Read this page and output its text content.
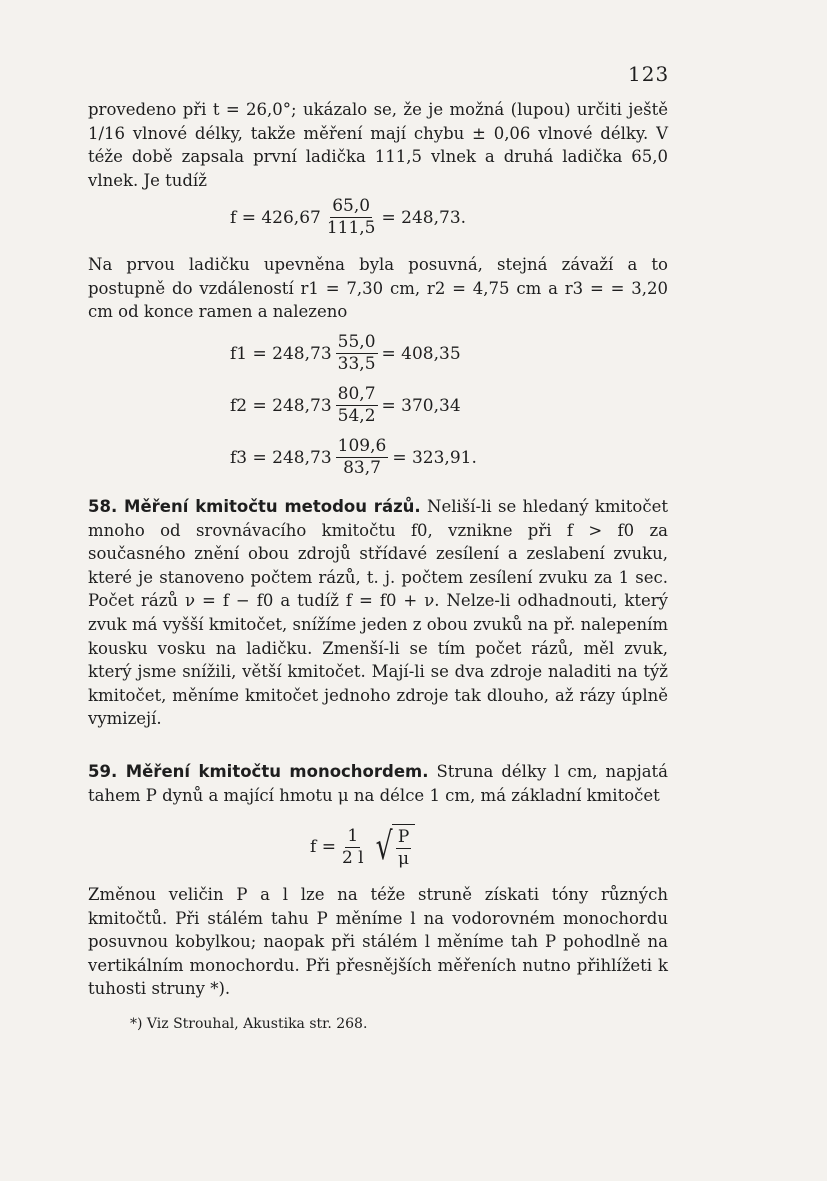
123
provedeno při t = 26,0°; ukázalo se, že je možná (lupou) určiti ještě 1/16 vlnové délky, takže měření mají chybu ± 0,06 vlnové délky. V téže době zapsala první ladička 111,5 vlnek a druhá ladička 65,0 vlnek. Je tudíž
$f = 426,67 \frac{65,0}{111,5} = 248,73$.
Na prvou ladičku upevněna byla posuvná, stejná závaží a to postupně do vzdáleností r1 = 7,30 cm, r2 = 4,75 cm a r3 = = 3,20 cm od konce ramen a nalezeno
$f1 = 248,73 \frac{55,0}{33,5} = 408,35$
$f2 = 248,73 \frac{80,7}{54,2} = 370,34$
$f3 = 248,73 \frac{109,6}{83,7} = 323,91$.
58. Měření kmitočtu metodou rázů. Neliší-li se hledaný kmitočet mnoho od srovnávacího kmitočtu f0, vznikne při f > f0 za současného znění obou zdrojů střídavé zesílení a zeslabení zvuku, které je stanoveno počtem rázů, t. j. počtem zesílení zvuku za 1 sec. Počet rázů ν = f − f0 a tudíž f = f0 + ν. Nelze-li odhadnouti, který zvuk má vyšší kmitočet, snížíme jeden z obou zvuků na př. nalepením kousku vosku na ladičku. Zmenší-li se tím počet rázů, měl zvuk, který jsme snížili, větší kmitočet. Mají-li se dva zdroje naladiti na týž kmitočet, měníme kmitočet jednoho zdroje tak dlouho, až rázy úplně vymizejí.
59. Měření kmitočtu monochordem. Struna délky l cm, napjatá tahem P dynů a mající hmotu μ na délce 1 cm, má základní kmitočet
$f = \frac{1}{2 l}$ √ $\frac{P}{\mu}$
Změnou veličin P a l lze na téže struně získati tóny různých kmitočtů. Při stálém tahu P měníme l na vodorovném monochordu posuvnou kobylkou; naopak při stálém l měníme tah P pohodlně na vertikálním monochordu. Při přesnějších měřeních nutno přihlížeti k tuhosti struny *).
*) Viz Strouhal, Akustika str. 268.
